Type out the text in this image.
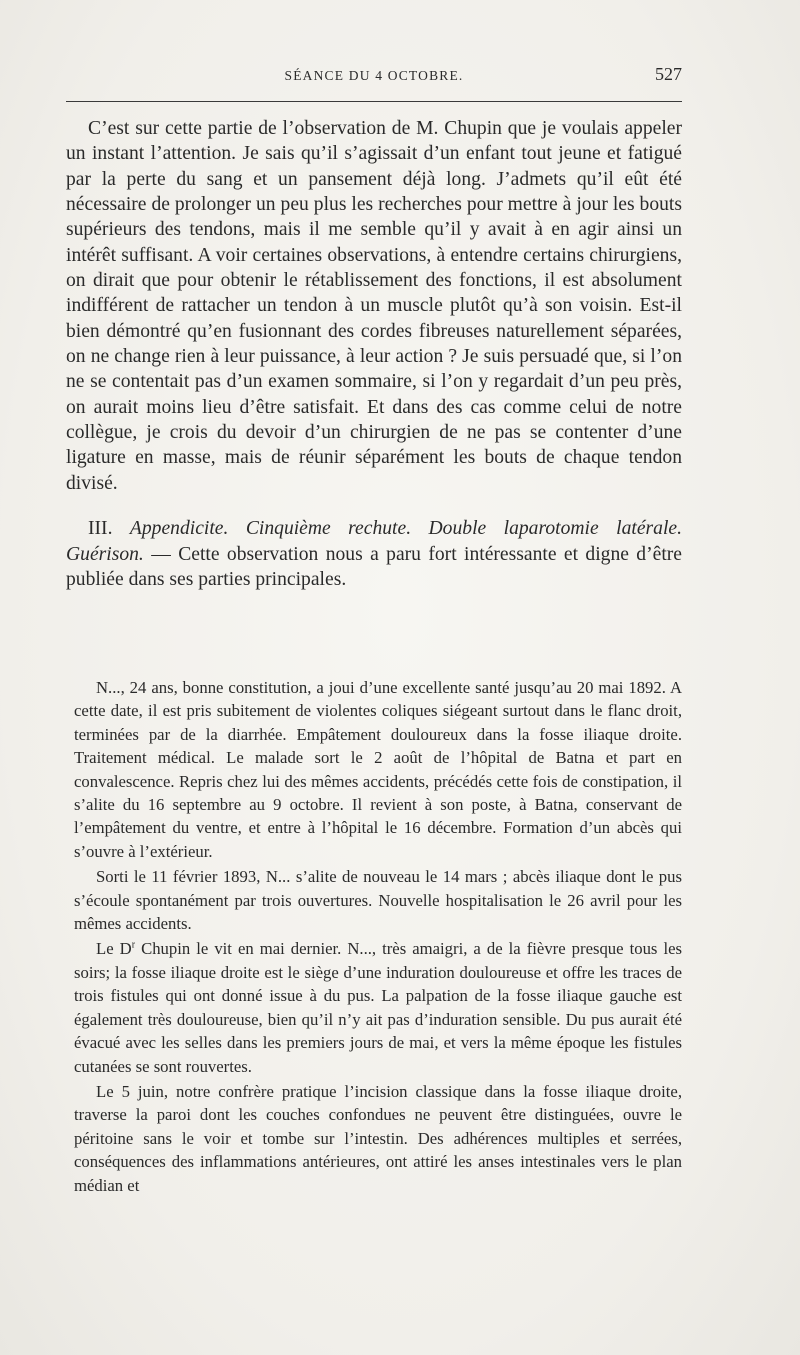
SÉANCE DU 4 OCTOBRE.	527

C’est sur cette partie de l’observation de M. Chupin que je voulais appeler un instant l’attention. Je sais qu’il s’agissait d’un enfant tout jeune et fatigué par la perte du sang et un pansement déjà long. J’admets qu’il eût été nécessaire de prolonger un peu plus les recherches pour mettre à jour les bouts supérieurs des tendons, mais il me semble qu’il y avait à en agir ainsi un intérêt suffisant. A voir certaines observations, à entendre certains chirurgiens, on dirait que pour obtenir le rétablissement des fonctions, il est absolument indifférent de rattacher un tendon à un muscle plutôt qu’à son voisin. Est-il bien démontré qu’en fusionnant des cordes fibreuses naturellement séparées, on ne change rien à leur puissance, à leur action ? Je suis persuadé que, si l’on ne se contentait pas d’un examen sommaire, si l’on y regardait d’un peu près, on aurait moins lieu d’être satisfait. Et dans des cas comme celui de notre collègue, je crois du devoir d’un chirurgien de ne pas se contenter d’une ligature en masse, mais de réunir séparément les bouts de chaque tendon divisé.

III. Appendicite. Cinquième rechute. Double laparotomie latérale. Guérison. — Cette observation nous a paru fort intéressante et digne d’être publiée dans ses parties principales.

N..., 24 ans, bonne constitution, a joui d’une excellente santé jusqu’au 20 mai 1892. A cette date, il est pris subitement de violentes coliques siégeant surtout dans le flanc droit, terminées par de la diarrhée. Empâtement douloureux dans la fosse iliaque droite. Traitement médical. Le malade sort le 2 août de l’hôpital de Batna et part en convalescence. Repris chez lui des mêmes accidents, précédés cette fois de constipation, il s’alite du 16 septembre au 9 octobre. Il revient à son poste, à Batna, conservant de l’empâtement du ventre, et entre à l’hôpital le 16 décembre. Formation d’un abcès qui s’ouvre à l’extérieur.

Sorti le 11 février 1893, N... s’alite de nouveau le 14 mars ; abcès iliaque dont le pus s’écoule spontanément par trois ouvertures. Nouvelle hospitalisation le 26 avril pour les mêmes accidents.

Le $D^r$ Chupin le vit en mai dernier. N..., très amaigri, a de la fièvre presque tous les soirs; la fosse iliaque droite est le siège d’une induration douloureuse et offre les traces de trois fistules qui ont donné issue à du pus. La palpation de la fosse iliaque gauche est également très douloureuse, bien qu’il n’y ait pas d’induration sensible. Du pus aurait été évacué avec les selles dans les premiers jours de mai, et vers la même époque les fistules cutanées se sont rouvertes.

Le 5 juin, notre confrère pratique l’incision classique dans la fosse iliaque droite, traverse la paroi dont les couches confondues ne peuvent être distinguées, ouvre le péritoine sans le voir et tombe sur l’intestin. Des adhérences multiples et serrées, conséquences des inflammations antérieures, ont attiré les anses intestinales vers le plan médian et
